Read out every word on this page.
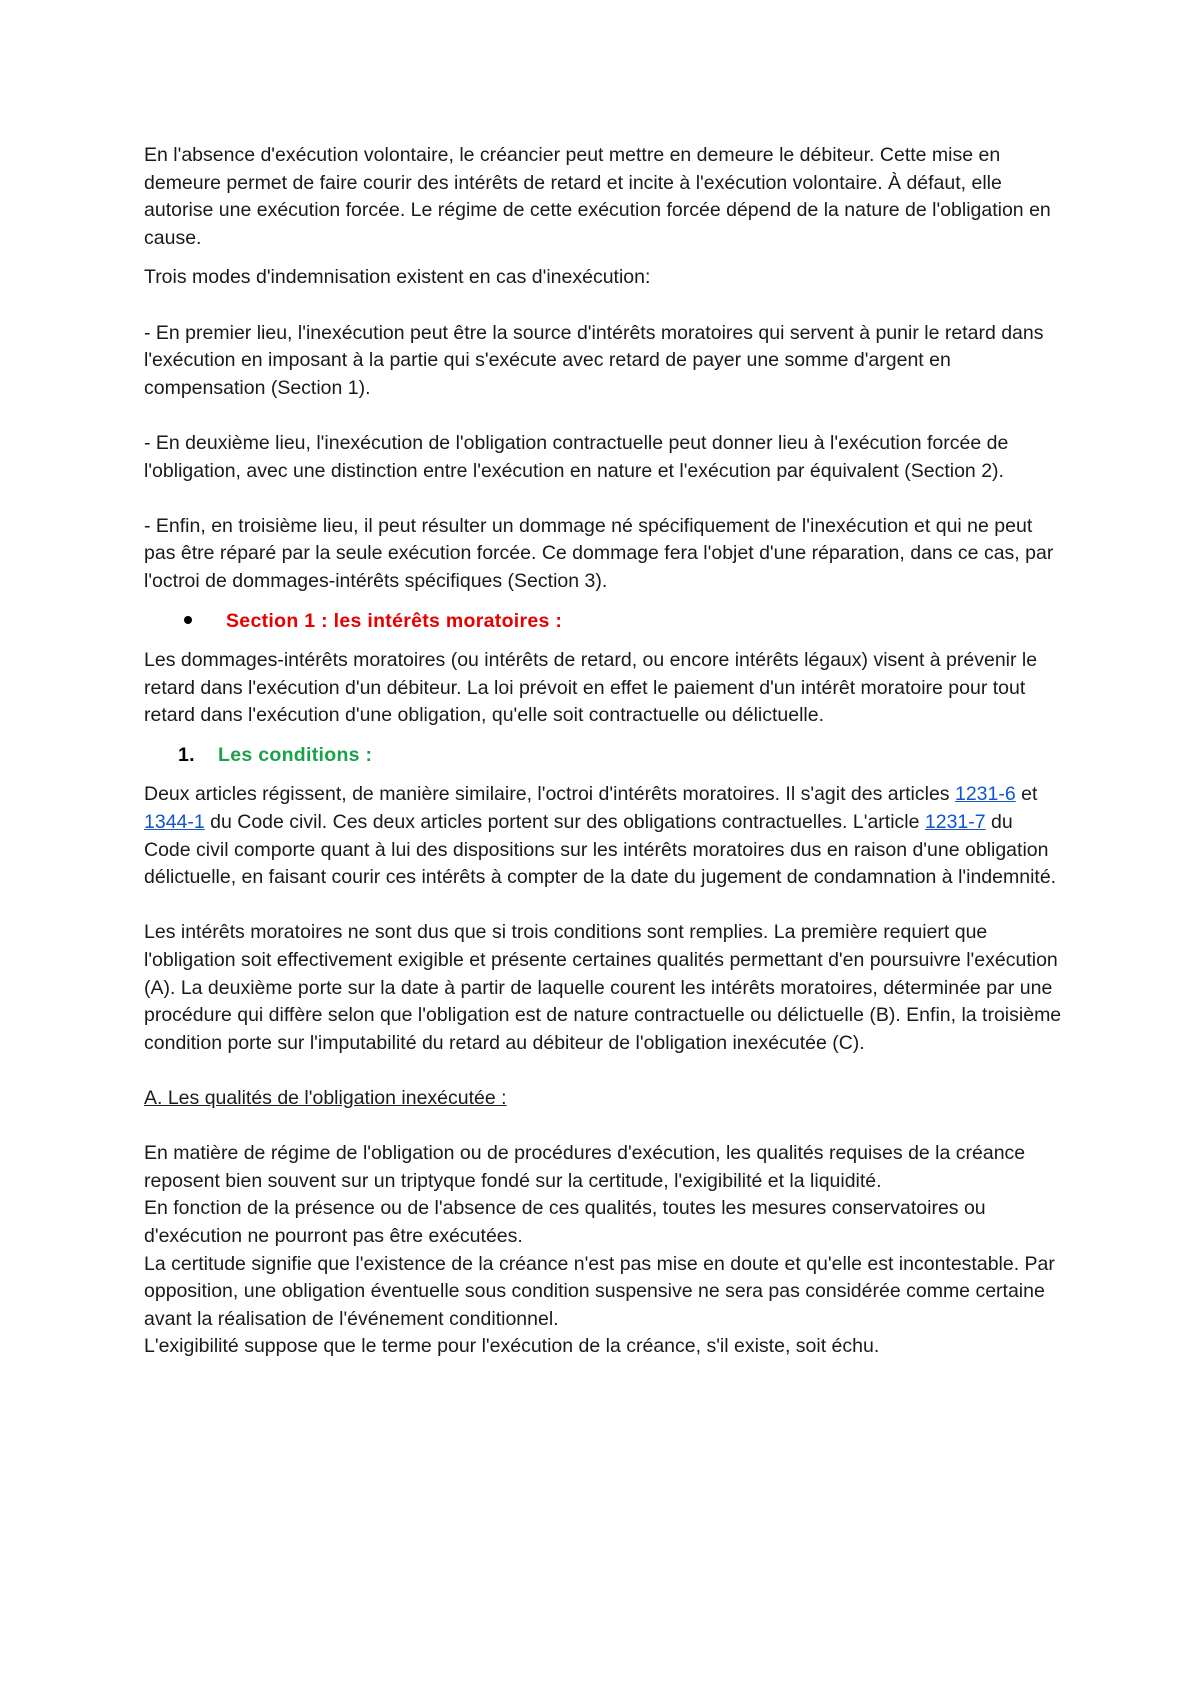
En l'absence d'exécution volontaire, le créancier peut mettre en demeure le débiteur. Cette mise en demeure permet de faire courir des intérêts de retard et incite à l'exécution volontaire. À défaut, elle autorise une exécution forcée. Le régime de cette exécution forcée dépend de la nature de l'obligation en cause.

Trois modes d'indemnisation existent en cas d'inexécution:

- En premier lieu, l'inexécution peut être la source d'intérêts moratoires qui servent à punir le retard dans l'exécution en imposant à la partie qui s'exécute avec retard de payer une somme d'argent en compensation (Section 1).

- En deuxième lieu, l'inexécution de l'obligation contractuelle peut donner lieu à l'exécution forcée de l'obligation, avec une distinction entre l'exécution en nature et l'exécution par équivalent (Section 2).

- Enfin, en troisième lieu, il peut résulter un dommage né spécifiquement de l'inexécution et qui ne peut pas être réparé par la seule exécution forcée. Ce dommage fera l'objet d'une réparation, dans ce cas, par l'octroi de dommages-intérêts spécifiques (Section 3).

Section 1 : les intérêts moratoires :

Les dommages-intérêts moratoires (ou intérêts de retard, ou encore intérêts légaux) visent à prévenir le retard dans l'exécution d'un débiteur. La loi prévoit en effet le paiement d'un intérêt moratoire pour tout retard dans l'exécution d'une obligation, qu'elle soit contractuelle ou délictuelle.

1.	Les conditions :

Deux articles régissent, de manière similaire, l'octroi d'intérêts moratoires. Il s'agit des articles 1231-6 et 1344-1 du Code civil. Ces deux articles portent sur des obligations contractuelles. L'article 1231-7 du Code civil comporte quant à lui des dispositions sur les intérêts moratoires dus en raison d'une obligation délictuelle, en faisant courir ces intérêts à compter de la date du jugement de condamnation à l'indemnité.

Les intérêts moratoires ne sont dus que si trois conditions sont remplies. La première requiert que l'obligation soit effectivement exigible et présente certaines qualités permettant d'en poursuivre l'exécution (A). La deuxième porte sur la date à partir de laquelle courent les intérêts moratoires, déterminée par une procédure qui diffère selon que l'obligation est de nature contractuelle ou délictuelle (B). Enfin, la troisième condition porte sur l'imputabilité du retard au débiteur de l'obligation inexécutée (C).

A. Les qualités de l'obligation inexécutée :

En matière de régime de l'obligation ou de procédures d'exécution, les qualités requises de la créance reposent bien souvent sur un triptyque fondé sur la certitude, l'exigibilité et la liquidité.

En fonction de la présence ou de l'absence de ces qualités, toutes les mesures conservatoires ou d'exécution ne pourront pas être exécutées.

La certitude signifie que l'existence de la créance n'est pas mise en doute et qu'elle est incontestable. Par opposition, une obligation éventuelle sous condition suspensive ne sera pas considérée comme certaine avant la réalisation de l'événement conditionnel.

L'exigibilité suppose que le terme pour l'exécution de la créance, s'il existe, soit échu.
